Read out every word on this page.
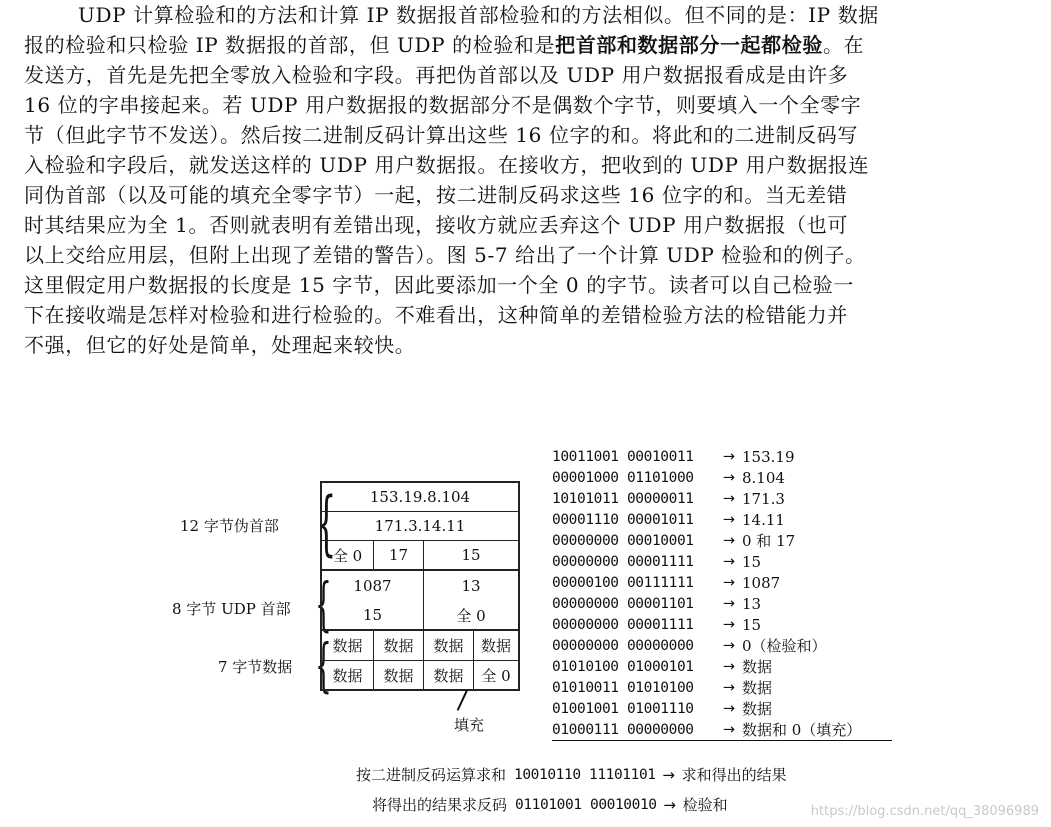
UDP 计算检验和的方法和计算 IP 数据报首部检验和的方法相似。但不同的是：IP 数据
报的检验和只检验 IP 数据报的首部，但 UDP 的检验和是把首部和数据部分一起都检验。在
发送方，首先是先把全零放入检验和字段。再把伪首部以及 UDP 用户数据报看成是由许多
16 位的字串接起来。若 UDP 用户数据报的数据部分不是偶数个字节，则要填入一个全零字
节（但此字节不发送）。然后按二进制反码计算出这些 16 位字的和。将此和的二进制反码写
入检验和字段后，就发送这样的 UDP 用户数据报。在接收方，把收到的 UDP 用户数据报连
同伪首部（以及可能的填充全零字节）一起，按二进制反码求这些 16 位字的和。当无差错
时其结果应为全 1。否则就表明有差错出现，接收方就应丢弃这个 UDP 用户数据报（也可
以上交给应用层，但附上出现了差错的警告）。图 5-7 给出了一个计算 UDP 检验和的例子。
这里假定用户数据报的长度是 15 字节，因此要添加一个全 0 的字节。读者可以自己检验一
下在接收端是怎样对检验和进行检验的。不难看出，这种简单的差错检验方法的检错能力并
不强，但它的好处是简单，处理起来较快。
12 字节伪首部 {
8 字节 UDP 首部 {
7 字节数据 {
153.19.8.104
171.3.14.11
全 0	17	15
1087	13
15	全 0
数据	数据	数据	数据
数据	数据	数据	全 0
填充
10011001 00010011	→ 153.19
00001000 01101000	→ 8.104
10101011 00000011	→ 171.3
00001110 00001011	→ 14.11
00000000 00010001	→ 0 和 17
00000000 00001111	→ 15
00000100 00111111	→ 1087
00000000 00001101	→ 13
00000000 00001111	→ 15
00000000 00000000	→ 0（检验和）
01010100 01000101	→ 数据
01010011 01010100	→ 数据
01001001 01001110	→ 数据
01000111 00000000	→ 数据和 0（填充）
按二进制反码运算求和 10010110 11101101 → 求和得出的结果
将得出的结果求反码 01101001 00010010 → 检验和	https://blog.csdn.net/qq_38096989
